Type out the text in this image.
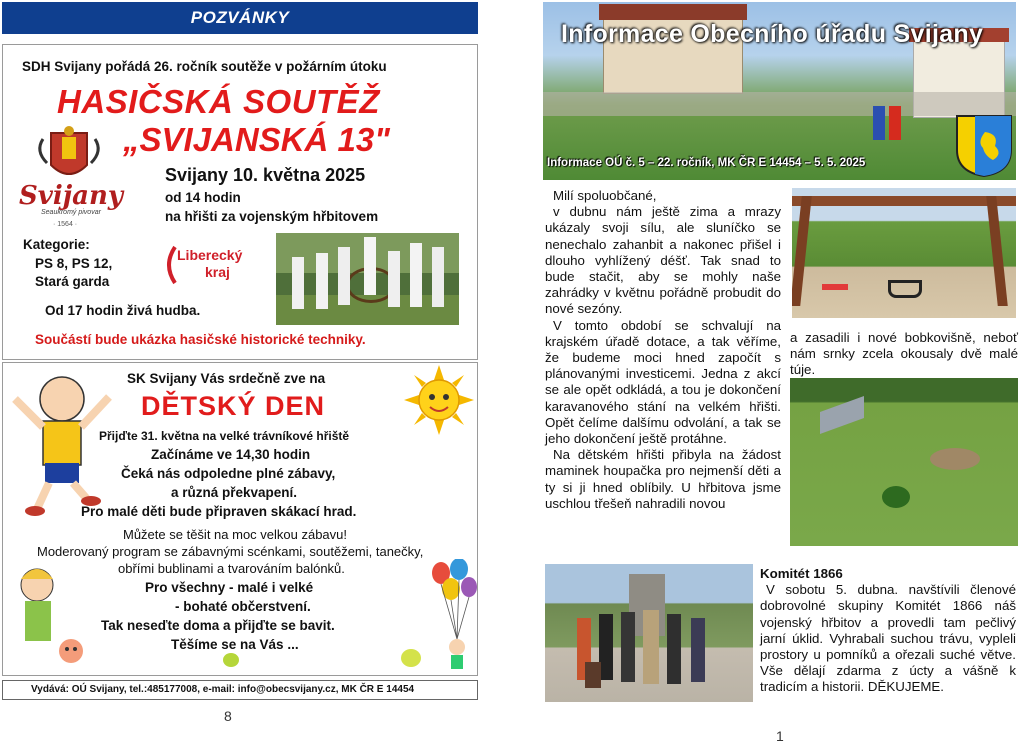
POZVÁNKY
SDH Svijany pořádá 26. ročník soutěže v požárním útoku
HASIČSKÁ SOUTĚŽ
„SVIJANSKÁ 13"
Svijany
Seaukromý pivovar
· 1564 ·
Svijany 10. května 2025
od 14 hodin
na hřišti za vojenským hřbitovem
Kategorie:
PS 8, PS 12,
Stará garda
Liberecký
kraj
Od 17 hodin živá hudba.
Součástí bude ukázka hasičské historické techniky.
SK Svijany Vás srdečně zve na
DĚTSKÝ DEN
Přijďte 31. května na velké trávníkové hřiště
Začínáme ve 14,30 hodin
Čeká nás odpoledne plné zábavy,
a různá překvapení.
Pro malé děti bude připraven skákací hrad.
Můžete se těšit na moc velkou zábavu!
Moderovaný program se zábavnými scénkami, soutěžemi, tanečky,
obřími bublinami a tvarováním balónků.
Pro všechny - malé i velké
- bohaté občerstvení.
Tak neseďte doma a přijďte se bavit.
Těšíme se na Vás ...
Vydává: OÚ Svijany, tel.:485177008, e-mail: info@obecsvijany.cz, MK ČR E 14454
8
Informace Obecního úřadu Svijany
Informace OÚ č. 5 – 22. ročník, MK ČR E 14454 – 5. 5. 2025

Milí spoluobčané,

v dubnu nám ještě zima a mrazy ukázaly svoji sílu, ale sluníčko se nenechalo zahanbit a nakonec přišel i dlouho vyhlížený déšť. Tak snad to bude stačit, aby se mohly naše zahrádky v květnu pořádně probudit do nové sezóny.

V tomto období se schvalují na krajském úřadě dotace, a tak věříme, že budeme moci hned započít s plánovanými investicemi. Jedna z akcí se ale opět odkládá, a tou je dokončení karavanového stání na velkém hřišti. Opět čelíme dalšímu odvolání, a tak se jeho dokončení ještě protáhne.

Na dětském hřišti přibyla na žádost maminek houpačka pro nejmenší děti a ty si ji hned oblíbily. U hřbitova jsme uschlou třešeň nahradili novou

a zasadili i nové bobkovišně, neboť nám srnky zcela okousaly dvě malé túje.

Komitét 1866

V sobotu 5. dubna. navštívili členové dobrovolné skupiny Komitét 1866 náš vojenský hřbitov a provedli tam pečlivý jarní úklid. Vyhrabali suchou trávu, vypleli prostory u pomníků a ořezali suché větve. Vše dělají zdarma z úcty a vášně k tradicím a historii. DĚKUJEME.

1
